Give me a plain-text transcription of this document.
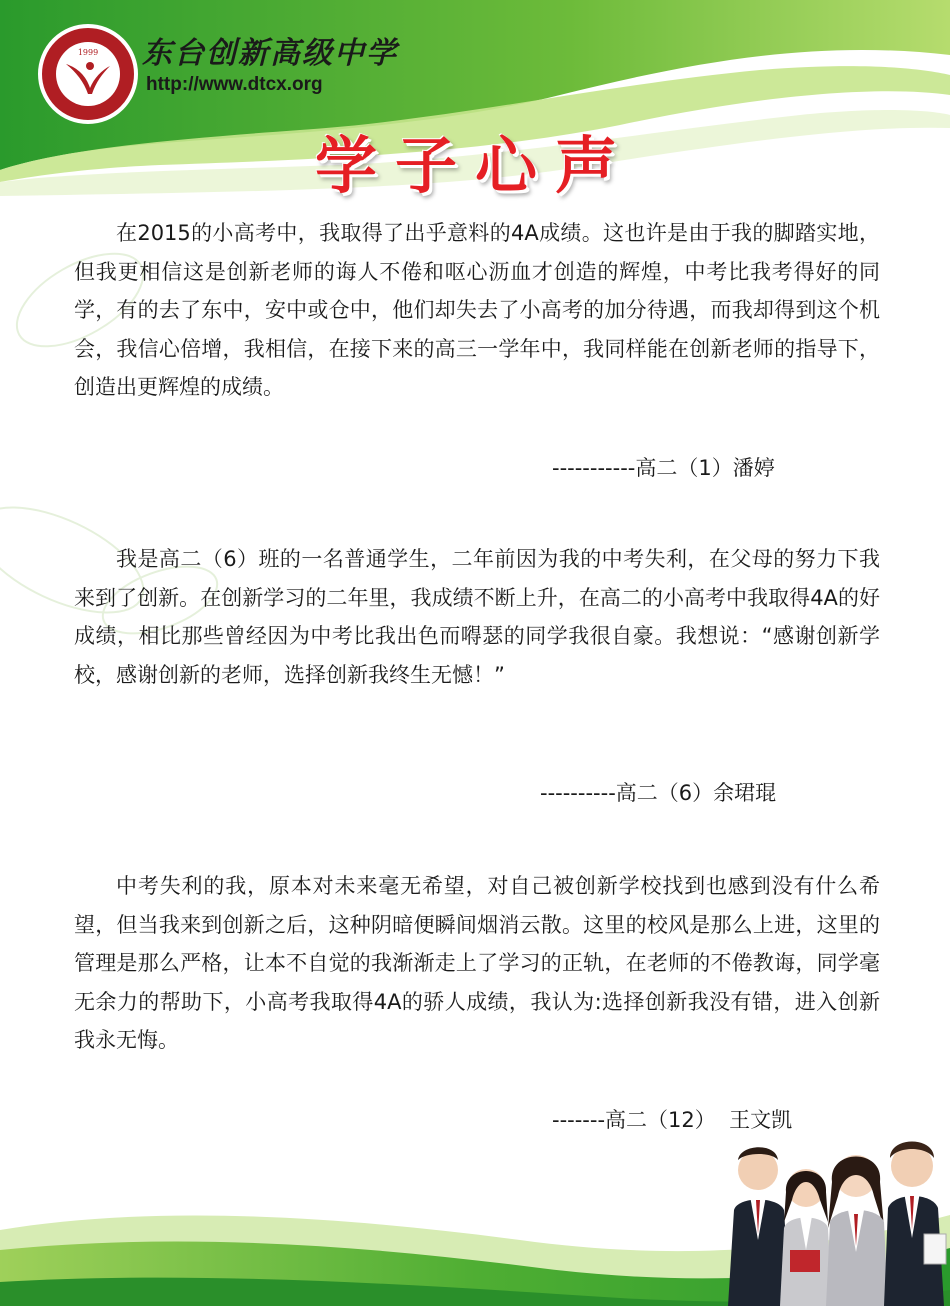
1999	东台创新高级中学
http://www.dtcx.org
学子心声

在2015的小高考中，我取得了出乎意料的4A成绩。这也许是由于我的脚踏实地，但我更相信这是创新老师的诲人不倦和呕心沥血才创造的辉煌，中考比我考得好的同学，有的去了东中，安中或仓中，他们却失去了小高考的加分待遇，而我却得到这个机会，我信心倍增，我相信，在接下来的高三一学年中，我同样能在创新老师的指导下，创造出更辉煌的成绩。

-----------高二（1）潘婷

我是高二（6）班的一名普通学生，二年前因为我的中考失利，在父母的努力下我来到了创新。在创新学习的二年里，我成绩不断上升，在高二的小高考中我取得4A的好成绩，相比那些曾经因为中考比我出色而嘚瑟的同学我很自豪。我想说：“感谢创新学校，感谢创新的老师，选择创新我终生无憾！”

----------高二（6）余珺琨

中考失利的我，原本对未来毫无希望，对自己被创新学校找到也感到没有什么希望，但当我来到创新之后，这种阴暗便瞬间烟消云散。这里的校风是那么上进，这里的管理是那么严格，让本不自觉的我渐渐走上了学习的正轨，在老师的不倦教诲，同学毫无余力的帮助下，小高考我取得4A的骄人成绩，我认为:选择创新我没有错，进入创新我永无悔。

-------高二（12）  王文凯
